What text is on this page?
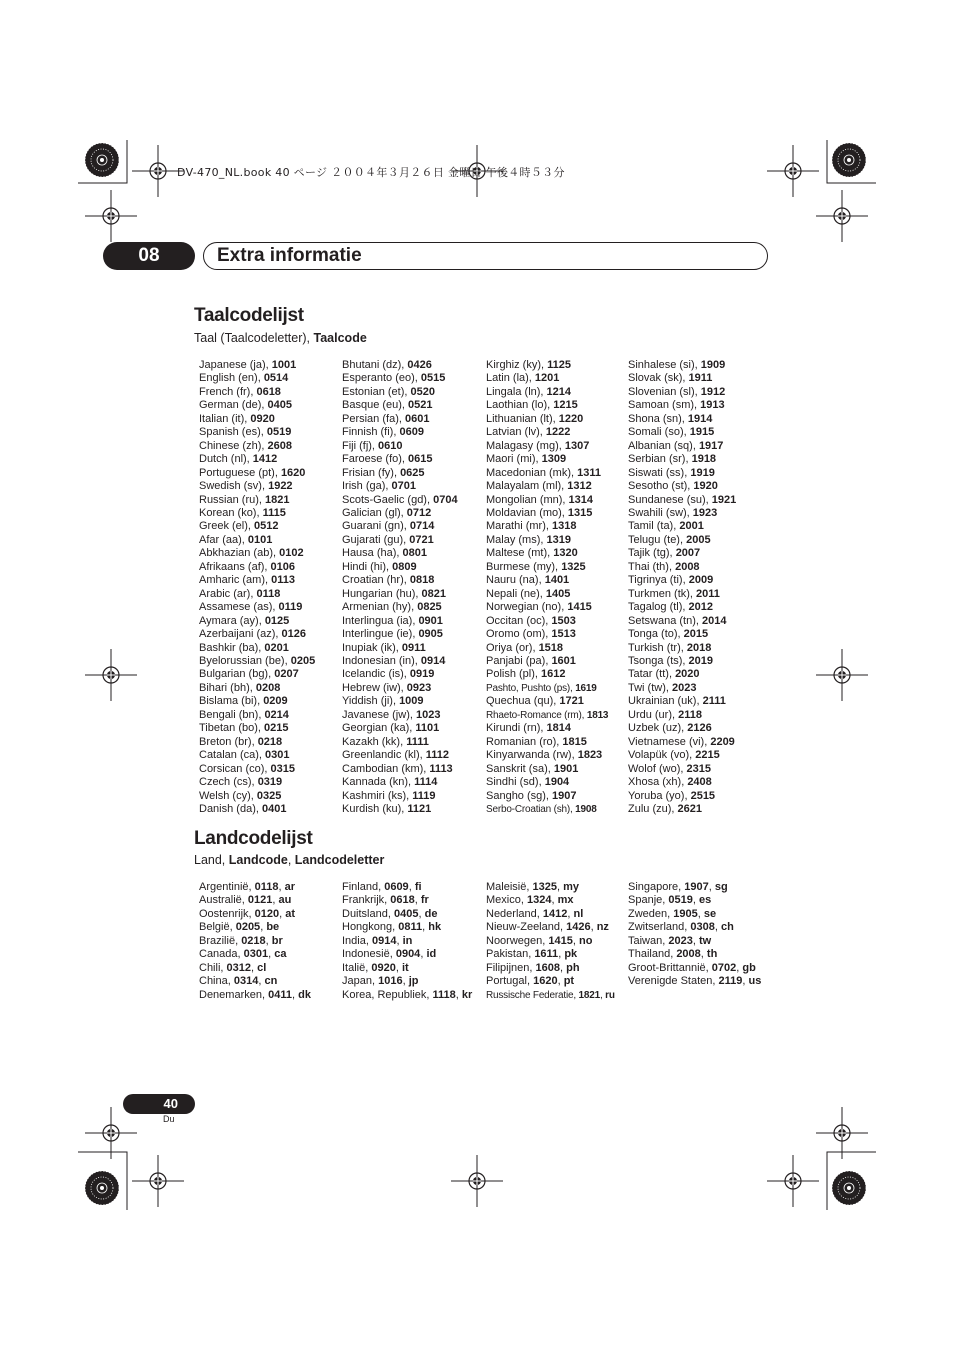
DV-470_NL.book 40 ページ ２００４年３月２６日 金曜日 午後４時５３分
08	Extra informatie
Taalcodelijst
Taal (Taalcodeletter), Taalcode
Japanese (ja), 1001
English (en), 0514
French (fr), 0618
German (de), 0405
Italian (it), 0920
Spanish (es), 0519
Chinese (zh), 2608
Dutch (nl), 1412
Portuguese (pt), 1620
Swedish (sv), 1922
Russian (ru), 1821
Korean (ko), 1115
Greek (el), 0512
Afar (aa), 0101
Abkhazian (ab), 0102
Afrikaans (af), 0106
Amharic (am), 0113
Arabic (ar), 0118
Assamese (as), 0119
Aymara (ay), 0125
Azerbaijani (az), 0126
Bashkir (ba), 0201
Byelorussian (be), 0205
Bulgarian (bg), 0207
Bihari (bh), 0208
Bislama (bi), 0209
Bengali (bn), 0214
Tibetan (bo), 0215
Breton (br), 0218
Catalan (ca), 0301
Corsican (co), 0315
Czech (cs), 0319
Welsh (cy), 0325
Danish (da), 0401
Bhutani (dz), 0426
Esperanto (eo), 0515
Estonian (et), 0520
Basque (eu), 0521
Persian (fa), 0601
Finnish (fi), 0609
Fiji (fj), 0610
Faroese (fo), 0615
Frisian (fy), 0625
Irish (ga), 0701
Scots-Gaelic (gd), 0704
Galician (gl), 0712
Guarani (gn), 0714
Gujarati (gu), 0721
Hausa (ha), 0801
Hindi (hi), 0809
Croatian (hr), 0818
Hungarian (hu), 0821
Armenian (hy), 0825
Interlingua (ia), 0901
Interlingue (ie), 0905
Inupiak (ik), 0911
Indonesian (in), 0914
Icelandic (is), 0919
Hebrew (iw), 0923
Yiddish (ji), 1009
Javanese (jw), 1023
Georgian (ka), 1101
Kazakh (kk), 1111
Greenlandic (kl), 1112
Cambodian (km), 1113
Kannada (kn), 1114
Kashmiri (ks), 1119
Kurdish (ku), 1121
Kirghiz (ky), 1125
Latin (la), 1201
Lingala (ln), 1214
Laothian (lo), 1215
Lithuanian (lt), 1220
Latvian (lv), 1222
Malagasy (mg), 1307
Maori (mi), 1309
Macedonian (mk), 1311
Malayalam (ml), 1312
Mongolian (mn), 1314
Moldavian (mo), 1315
Marathi (mr), 1318
Malay (ms), 1319
Maltese (mt), 1320
Burmese (my), 1325
Nauru (na), 1401
Nepali (ne), 1405
Norwegian (no), 1415
Occitan (oc), 1503
Oromo (om), 1513
Oriya (or), 1518
Panjabi (pa), 1601
Polish (pl), 1612
Pashto, Pushto (ps), 1619
Quechua (qu), 1721
Rhaeto-Romance (rm), 1813
Kirundi (rn), 1814
Romanian (ro), 1815
Kinyarwanda (rw), 1823
Sanskrit (sa), 1901
Sindhi (sd), 1904
Sangho (sg), 1907
Serbo-Croatian (sh), 1908
Sinhalese (si), 1909
Slovak (sk), 1911
Slovenian (sl), 1912
Samoan (sm), 1913
Shona (sn), 1914
Somali (so), 1915
Albanian (sq), 1917
Serbian (sr), 1918
Siswati (ss), 1919
Sesotho (st), 1920
Sundanese (su), 1921
Swahili (sw), 1923
Tamil (ta), 2001
Telugu (te), 2005
Tajik (tg), 2007
Thai (th), 2008
Tigrinya (ti), 2009
Turkmen (tk), 2011
Tagalog (tl), 2012
Setswana (tn), 2014
Tonga (to), 2015
Turkish (tr), 2018
Tsonga (ts), 2019
Tatar (tt), 2020
Twi (tw), 2023
Ukrainian (uk), 2111
Urdu (ur), 2118
Uzbek (uz), 2126
Vietnamese (vi), 2209
Volapük (vo), 2215
Wolof (wo), 2315
Xhosa (xh), 2408
Yoruba (yo), 2515
Zulu (zu), 2621
Landcodelijst
Land, Landcode, Landcodeletter
Argentinië, 0118, ar
Australië, 0121, au
Oostenrijk, 0120, at
België, 0205, be
Brazilië, 0218, br
Canada, 0301, ca
Chili, 0312, cl
China, 0314, cn
Denemarken, 0411, dk
Finland, 0609, fi
Frankrijk, 0618, fr
Duitsland, 0405, de
Hongkong, 0811, hk
India, 0914, in
Indonesië, 0904, id
Italië, 0920, it
Japan, 1016, jp
Korea, Republiek, 1118, kr
Maleisië, 1325, my
Mexico, 1324, mx
Nederland, 1412, nl
Nieuw-Zeeland, 1426, nz
Noorwegen, 1415, no
Pakistan, 1611, pk
Filipijnen, 1608, ph
Portugal, 1620, pt
Russische Federatie, 1821, ru
Singapore, 1907, sg
Spanje, 0519, es
Zweden, 1905, se
Zwitserland, 0308, ch
Taiwan, 2023, tw
Thailand, 2008, th
Groot-Brittannië, 0702, gb
Verenigde Staten, 2119, us
40
Du
